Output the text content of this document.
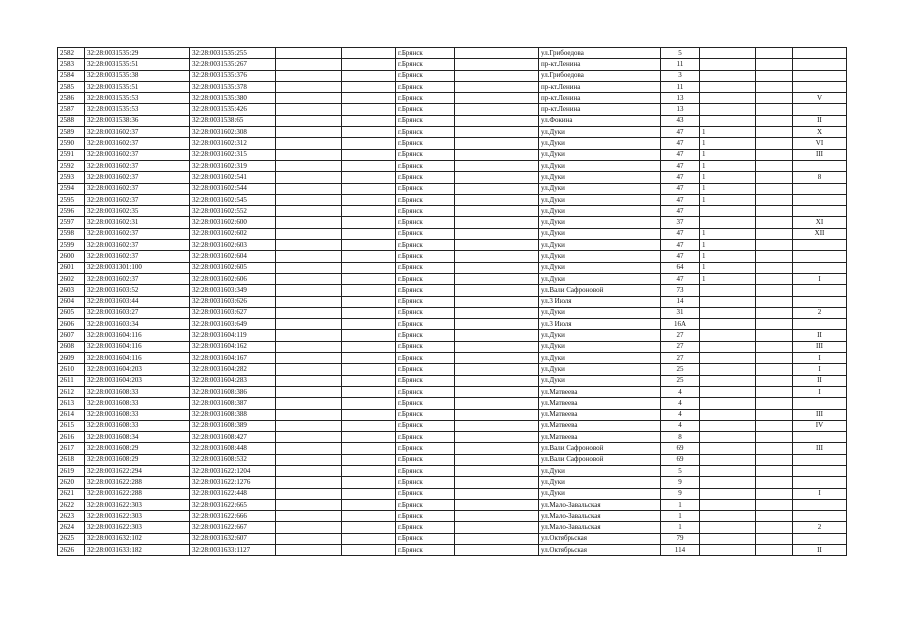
2582	32:28:0031535:29	32:28:0031535:255			г.Брянск		ул.Грибоедова	5			
2583	32:28:0031535:51	32:28:0031535:267			г.Брянск		пр-кт.Ленина	11			
2584	32:28:0031535:38	32:28:0031535:376			г.Брянск		ул.Грибоедова	3			
2585	32:28:0031535:51	32:28:0031535:378			г.Брянск		пр-кт.Ленина	11			
2586	32:28:0031535:53	32:28:0031535:380			г.Брянск		пр-кт.Ленина	13			V
2587	32:28:0031535:53	32:28:0031535:426			г.Брянск		пр-кт.Ленина	13			
2588	32:28:0031538:36	32:28:0031538:65			г.Брянск		ул.Фокина	43			II
2589	32:28:0031602:37	32:28:0031602:308			г.Брянск		ул.Дуки	47	1		X
2590	32:28:0031602:37	32:28:0031602:312			г.Брянск		ул.Дуки	47	1		VI
2591	32:28:0031602:37	32:28:0031602:315			г.Брянск		ул.Дуки	47	1		III
2592	32:28:0031602:37	32:28:0031602:319			г.Брянск		ул.Дуки	47	1		
2593	32:28:0031602:37	32:28:0031602:541			г.Брянск		ул.Дуки	47	1		8
2594	32:28:0031602:37	32:28:0031602:544			г.Брянск		ул.Дуки	47	1		
2595	32:28:0031602:37	32:28:0031602:545			г.Брянск		ул.Дуки	47	1		
2596	32:28:0031602:35	32:28:0031602:552			г.Брянск		ул.Дуки	47			
2597	32:28:0031602:31	32:28:0031602:600			г.Брянск		ул.Дуки	37			XI
2598	32:28:0031602:37	32:28:0031602:602			г.Брянск		ул.Дуки	47	1		XII
2599	32:28:0031602:37	32:28:0031602:603			г.Брянск		ул.Дуки	47	1		
2600	32:28:0031602:37	32:28:0031602:604			г.Брянск		ул.Дуки	47	1		
2601	32:28:0031301:100	32:28:0031602:605			г.Брянск		ул.Дуки	64	1		
2602	32:28:0031602:37	32:28:0031602:606			г.Брянск		ул.Дуки	47	1		I
2603	32:28:0031603:52	32:28:0031603:349			г.Брянск		ул.Вали Сафроновой	73			
2604	32:28:0031603:44	32:28:0031603:626			г.Брянск		ул.3 Июля	14			
2605	32:28:0031603:27	32:28:0031603:627			г.Брянск		ул.Дуки	31			2
2606	32:28:0031603:34	32:28:0031603:649			г.Брянск		ул.3 Июля	16А			
2607	32:28:0031604:116	32:28:0031604:119			г.Брянск		ул.Дуки	27			II
2608	32:28:0031604:116	32:28:0031604:162			г.Брянск		ул.Дуки	27			III
2609	32:28:0031604:116	32:28:0031604:167			г.Брянск		ул.Дуки	27			I
2610	32:28:0031604:203	32:28:0031604:282			г.Брянск		ул.Дуки	25			I
2611	32:28:0031604:203	32:28:0031604:283			г.Брянск		ул.Дуки	25			II
2612	32:28:0031608:33	32:28:0031608:386			г.Брянск		ул.Матвеева	4			I
2613	32:28:0031608:33	32:28:0031608:387			г.Брянск		ул.Матвеева	4			
2614	32:28:0031608:33	32:28:0031608:388			г.Брянск		ул.Матвеева	4			III
2615	32:28:0031608:33	32:28:0031608:389			г.Брянск		ул.Матвеева	4			IV
2616	32:28:0031608:34	32:28:0031608:427			г.Брянск		ул.Матвеева	8			
2617	32:28:0031608:29	32:28:0031608:448			г.Брянск		ул.Вали Сафроновой	69			III
2618	32:28:0031608:29	32:28:0031608:532			г.Брянск		ул.Вали Сафроновой	69			
2619	32:28:0031622:294	32:28:0031622:1204			г.Брянск		ул.Дуки	5			
2620	32:28:0031622:288	32:28:0031622:1276			г.Брянск		ул.Дуки	9			
2621	32:28:0031622:288	32:28:0031622:448			г.Брянск		ул.Дуки	9			I
2622	32:28:0031622:303	32:28:0031622:665			г.Брянск		ул.Мало-Завальская	1			
2623	32:28:0031622:303	32:28:0031622:666			г.Брянск		ул.Мало-Завальская	1			
2624	32:28:0031622:303	32:28:0031622:667			г.Брянск		ул.Мало-Завальская	1			2
2625	32:28:0031632:102	32:28:0031632:607			г.Брянск		ул.Октябрьская	79			
2626	32:28:0031633:182	32:28:0031633:1127			г.Брянск		ул.Октябрьская	114			II
